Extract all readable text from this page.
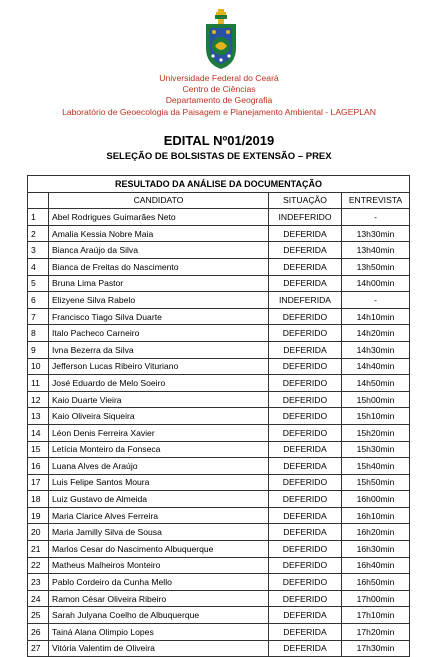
Universidade Federal do Ceará
Centro de Ciências
Departamento de Geografia
Laboratório de Geoecologia da Paisagem e Planejamento Ambiental - LAGEPLAN
EDITAL Nº01/2019
SELEÇÃO DE BOLSISTAS DE EXTENSÃO – PREX
RESULTADO DA ANÁLISE DA DOCUMENTAÇÃO			
	CANDIDATO	SITUAÇÃO	ENTREVISTA
1	Abel Rodrigues Guimarães Neto	INDEFERIDO	-
2	Amalia Kessia Nobre Maia	DEFERIDA	13h30min
3	Bianca Araújo da Silva	DEFERIDA	13h40min
4	Bianca de Freitas do Nascimento	DEFERIDA	13h50min
5	Bruna Lima Pastor	DEFERIDA	14h00min
6	Elizyene Silva Rabelo	INDEFERIDA	-
7	Francisco Tiago Silva Duarte	DEFERIDO	14h10min
8	Italo Pacheco Carneiro	DEFERIDO	14h20min
9	Ivna Bezerra da Silva	DEFERIDA	14h30min
10	Jefferson Lucas Ribeiro Vituriano	DEFERIDO	14h40min
11	José Eduardo de Melo Soeiro	DEFERIDO	14h50min
12	Kaio Duarte Vieira	DEFERIDO	15h00min
13	Kaio Oliveira Siqueira	DEFERIDO	15h10min
14	Léon Denis Ferreira Xavier	DEFERIDO	15h20min
15	Letícia Monteiro da Fonseca	DEFERIDA	15h30min
16	Luana Alves de Araújo	DEFERIDA	15h40min
17	Luis Felipe Santos Moura	DEFERIDO	15h50min
18	Luiz Gustavo de Almeida	DEFERIDO	16h00min
19	Maria Clarice Alves Ferreira	DEFERIDA	16h10min
20	Maria Jamilly Silva de Sousa	DEFERIDA	16h20min
21	Marlos Cesar do Nascimento Albuquerque	DEFERIDO	16h30min
22	Matheus Malheiros Monteiro	DEFERIDO	16h40min
23	Pablo Cordeiro da Cunha Mello	DEFERIDO	16h50min
24	Ramon César Oliveira Ribeiro	DEFERIDO	17h00min
25	Sarah Julyana Coelho de Albuquerque	DEFERIDA	17h10min
26	Tainá Alana Olimpio Lopes	DEFERIDA	17h20min
27	Vitória Valentim de Oliveira	DEFERIDA	17h30min
